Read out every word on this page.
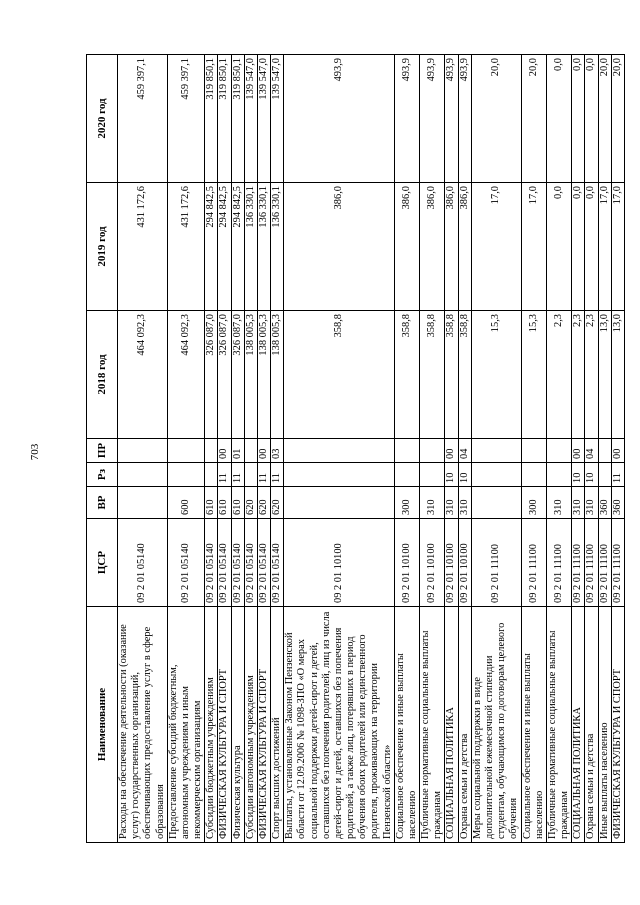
703
Наименование	ЦСР	ВР	Рз	ПР	2018 год	2019 год	2020 год
Расходы на обеспечение деятельности (оказание услуг) государственных организаций, обеспечивающих предоставление услуг в сфере образования	09 2 01 05140				464 092,3	431 172,6	459 397,1
Предоставление субсидий бюджетным, автономным учреждениям и иным некоммерческим организациям	09 2 01 05140	600			464 092,3	431 172,6	459 397,1
Субсидии бюджетным учреждениям	09 2 01 05140	610			326 087,0	294 842,5	319 850,1
ФИЗИЧЕСКАЯ КУЛЬТУРА И СПОРТ	09 2 01 05140	610	11	00	326 087,0	294 842,5	319 850,1
Физическая культура	09 2 01 05140	610	11	01	326 087,0	294 842,5	319 850,1
Субсидии автономным учреждениям	09 2 01 05140	620			138 005,3	136 330,1	139 547,0
ФИЗИЧЕСКАЯ КУЛЬТУРА И СПОРТ	09 2 01 05140	620	11	00	138 005,3	136 330,1	139 547,0
Спорт высших достижений	09 2 01 05140	620	11	03	138 005,3	136 330,1	139 547,0
Выплаты, установленные Законом Пензенской области от 12.09.2006 № 1098-ЗПО «О мерах социальной поддержки детей-сирот и детей, оставшихся без попечения родителей, лиц из числа детей-сирот и детей, оставшихся без попечения родителей, а также лиц, потерявших в период обучения обоих родителей или единственного родителя, проживающих на территории Пензенской области»	09 2 01 10100				358,8	386,0	493,9
Социальное обеспечение и иные выплаты населению	09 2 01 10100	300			358,8	386,0	493,9
Публичные нормативные социальные выплаты гражданам	09 2 01 10100	310			358,8	386,0	493,9
СОЦИАЛЬНАЯ ПОЛИТИКА	09 2 01 10100	310	10	00	358,8	386,0	493,9
Охрана семьи и детства	09 2 01 10100	310	10	04	358,8	386,0	493,9
Меры социальной поддержки в виде дополнительной ежемесячной стипендии студентам, обучающимся по договорам целевого обучения	09 2 01 11100				15,3	17,0	20,0
Социальное обеспечение и иные выплаты населению	09 2 01 11100	300			15,3	17,0	20,0
Публичные нормативные социальные выплаты гражданам	09 2 01 11100	310			2,3	0,0	0,0
СОЦИАЛЬНАЯ ПОЛИТИКА	09 2 01 11100	310	10	00	2,3	0,0	0,0
Охрана семьи и детства	09 2 01 11100	310	10	04	2,3	0,0	0,0
Иные выплаты населению	09 2 01 11100	360			13,0	17,0	20,0
ФИЗИЧЕСКАЯ КУЛЬТУРА И СПОРТ	09 2 01 11100	360	11	00	13,0	17,0	20,0
